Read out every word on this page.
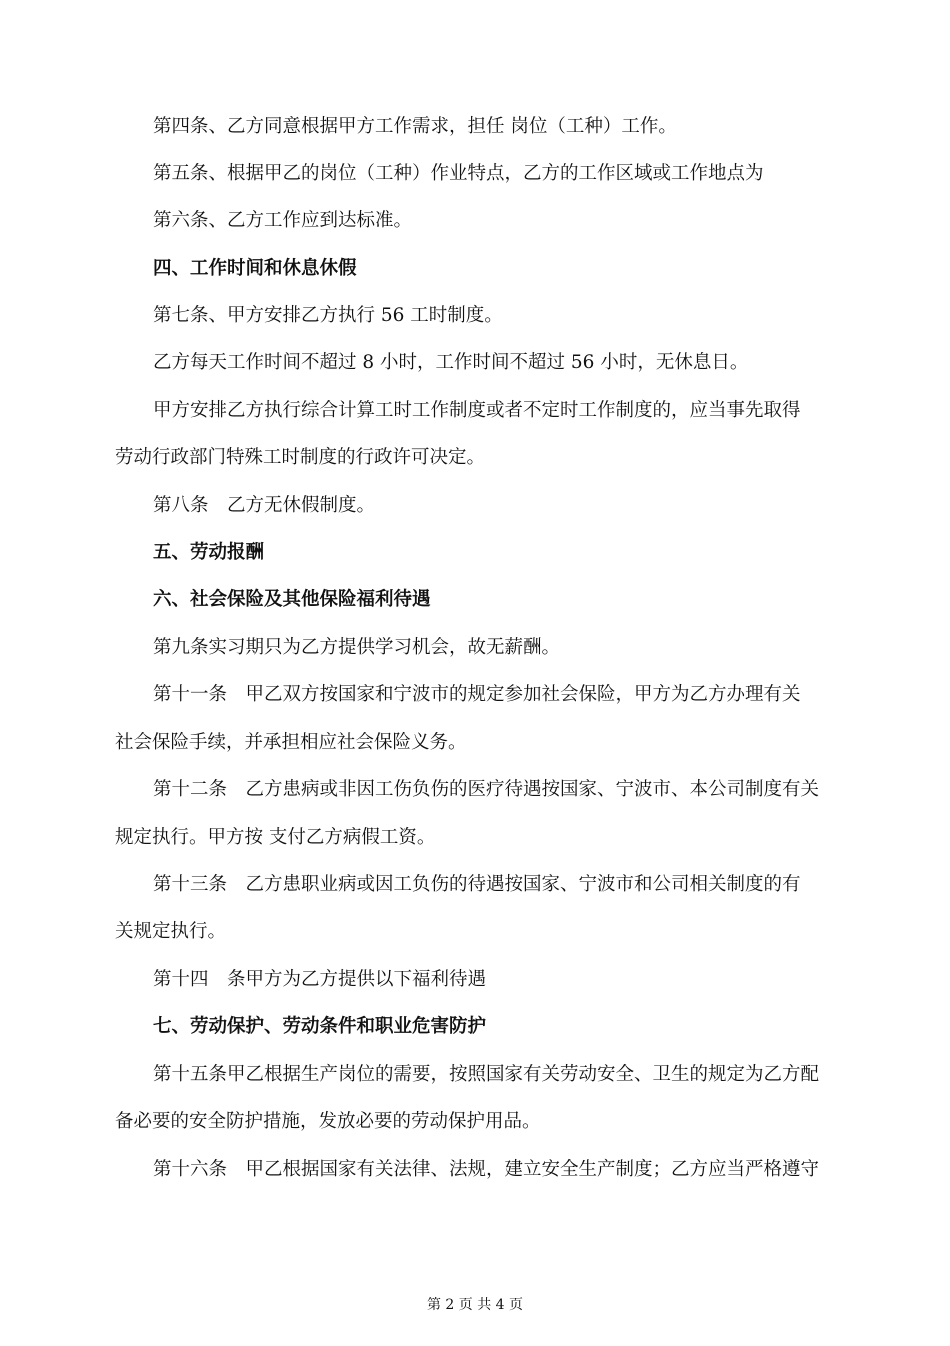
第四条、乙方同意根据甲方工作需求，担任 岗位（工种）工作。
第五条、根据甲乙的岗位（工种）作业特点，乙方的工作区域或工作地点为
第六条、乙方工作应到达标准。
四、工作时间和休息休假
第七条、甲方安排乙方执行 56 工时制度。
乙方每天工作时间不超过 8 小时，工作时间不超过 56 小时，无休息日。
甲方安排乙方执行综合计算工时工作制度或者不定时工作制度的，应当事先取得
劳动行政部门特殊工时制度的行政许可决定。
第八条　乙方无休假制度。
五、劳动报酬
六、社会保险及其他保险福利待遇
第九条实习期只为乙方提供学习机会，故无薪酬。
第十一条　甲乙双方按国家和宁波市的规定参加社会保险，甲方为乙方办理有关
社会保险手续，并承担相应社会保险义务。
第十二条　乙方患病或非因工伤负伤的医疗待遇按国家、宁波市、本公司制度有关
规定执行。甲方按 支付乙方病假工资。
第十三条　乙方患职业病或因工负伤的待遇按国家、宁波市和公司相关制度的有
关规定执行。
第十四　条甲方为乙方提供以下福利待遇
七、劳动保护、劳动条件和职业危害防护
第十五条甲乙根据生产岗位的需要，按照国家有关劳动安全、卫生的规定为乙方配
备必要的安全防护措施，发放必要的劳动保护用品。
第十六条　甲乙根据国家有关法律、法规，建立安全生产制度；乙方应当严格遵守
第 2 页 共 4 页
